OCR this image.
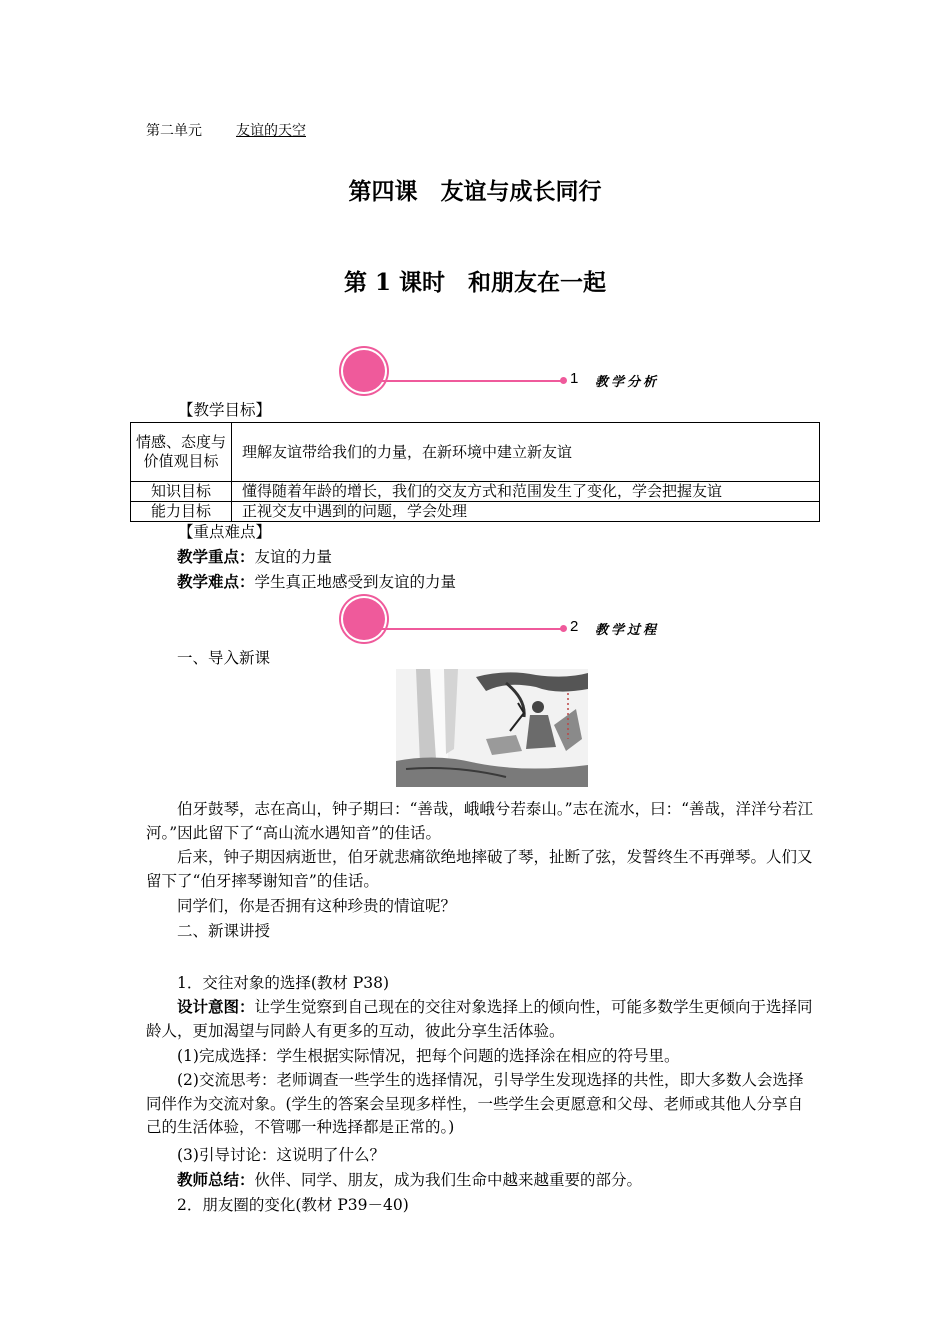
第二单元 友谊的天空
第四课　友谊与成长同行
第 1 课时　和朋友在一起
1 教学分析
【教学目标】
情感、态度与价值观目标	理解友谊带给我们的力量，在新环境中建立新友谊
知识目标	懂得随着年龄的增长，我们的交友方式和范围发生了变化，学会把握友谊
能力目标	正视交友中遇到的问题，学会处理
【重点难点】
教学重点：友谊的力量
教学难点：学生真正地感受到友谊的力量
2 教学过程
一、导入新课
伯牙鼓琴，志在高山，钟子期曰：“善哉，峨峨兮若泰山。”志在流水，曰：“善哉，洋洋兮若江河。”因此留下了“高山流水遇知音”的佳话。
后来，钟子期因病逝世，伯牙就悲痛欲绝地摔破了琴，扯断了弦，发誓终生不再弹琴。人们又留下了“伯牙摔琴谢知音”的佳话。
同学们，你是否拥有这种珍贵的情谊呢？
二、新课讲授
1．交往对象的选择(教材 P38)
设计意图：让学生觉察到自己现在的交往对象选择上的倾向性，可能多数学生更倾向于选择同龄人，更加渴望与同龄人有更多的互动，彼此分享生活体验。
(1)完成选择：学生根据实际情况，把每个问题的选择涂在相应的符号里。
(2)交流思考：老师调查一些学生的选择情况，引导学生发现选择的共性，即大多数人会选择同伴作为交流对象。(学生的答案会呈现多样性，一些学生会更愿意和父母、老师或其他人分享自己的生活体验，不管哪一种选择都是正常的。)
(3)引导讨论：这说明了什么？
教师总结：伙伴、同学、朋友，成为我们生命中越来越重要的部分。
2．朋友圈的变化(教材 P39－40)
